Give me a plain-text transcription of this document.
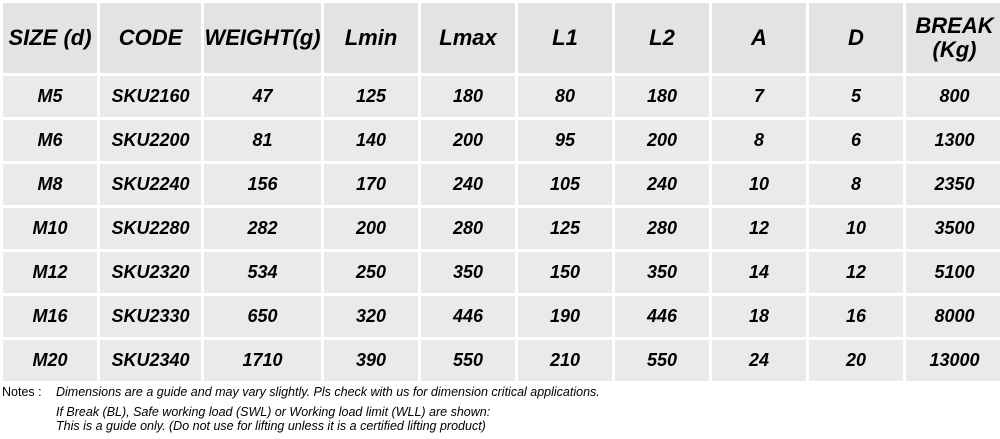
SIZE (d)	CODE	WEIGHT(g)	Lmin	Lmax	L1	L2	A	D	BREAK (Kg)
M5	SKU2160	47	125	180	80	180	7	5	800
M6	SKU2200	81	140	200	95	200	8	6	1300
M8	SKU2240	156	170	240	105	240	10	8	2350
M10	SKU2280	282	200	280	125	280	12	10	3500
M12	SKU2320	534	250	350	150	350	14	12	5100
M16	SKU2330	650	320	446	190	446	18	16	8000
M20	SKU2340	1710	390	550	210	550	24	20	13000
Notes : Dimensions are a guide and may vary slightly. Pls check with us for dimension critical applications.
If Break (BL), Safe working load (SWL) or Working load limit (WLL) are shown:
This is a guide only. (Do not use for lifting unless it is a certified lifting product)
